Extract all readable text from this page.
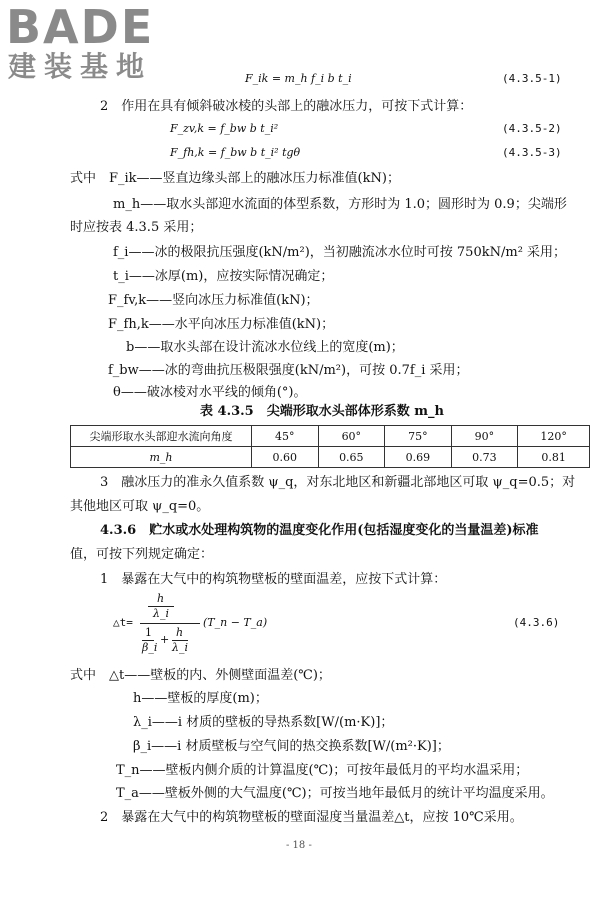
BADE
建装基地	F_ik = m_h f_i b t_i	(4.3.5-1)
2　作用在具有倾斜破冰棱的头部上的融冰压力，可按下式计算：
F_zv,k = f_bw b t_i²	(4.3.5-2)
F_fh,k = f_bw b t_i² tgθ	(4.3.5-3)
式中　F_ik——竖直边缘头部上的融冰压力标准值(kN)；
m_h——取水头部迎水流面的体型系数，方形时为 1.0；圆形时为 0.9；尖端形
时应按表 4.3.5 采用；
f_i——冰的极限抗压强度(kN/m²)，当初融流冰水位时可按 750kN/m² 采用；
t_i——冰厚(m)，应按实际情况确定；
F_fv,k——竖向冰压力标准值(kN)；
F_fh,k——水平向冰压力标准值(kN)；
b——取水头部在设计流冰水位线上的宽度(m)；
f_bw——冰的弯曲抗压极限强度(kN/m²)，可按 0.7f_i 采用；
θ——破冰棱对水平线的倾角(°)。
表 4.3.5　尖端形取水头部体形系数 m_h
尖端形取水头部迎水流向角度	45°	60°	75°	90°	120°
m_h	0.60	0.65	0.69	0.73	0.81
3　融冰压力的准永久值系数 ψ_q，对东北地区和新疆北部地区可取 ψ_q=0.5；对
其他地区可取 ψ_q=0。
4.3.6　贮水或水处理构筑物的温度变化作用(包括湿度变化的当量温差)标准
值，可按下列规定确定：
1　暴露在大气中的构筑物壁板的壁面温差，应按下式计算：
△t=
h
λ_i
1
β_i
+
h
λ_i
(T_n − T_a)	(4.3.6)
式中　△t——壁板的内、外侧壁面温差(℃)；
h——壁板的厚度(m)；
λ_i——i 材质的壁板的导热系数[W/(m·K)]；
β_i——i 材质壁板与空气间的热交换系数[W/(m²·K)]；
T_n——壁板内侧介质的计算温度(℃)；可按年最低月的平均水温采用；
T_a——壁板外侧的大气温度(℃)；可按当地年最低月的统计平均温度采用。
2　暴露在大气中的构筑物壁板的壁面湿度当量温差△t，应按 10℃采用。
- 18 -
